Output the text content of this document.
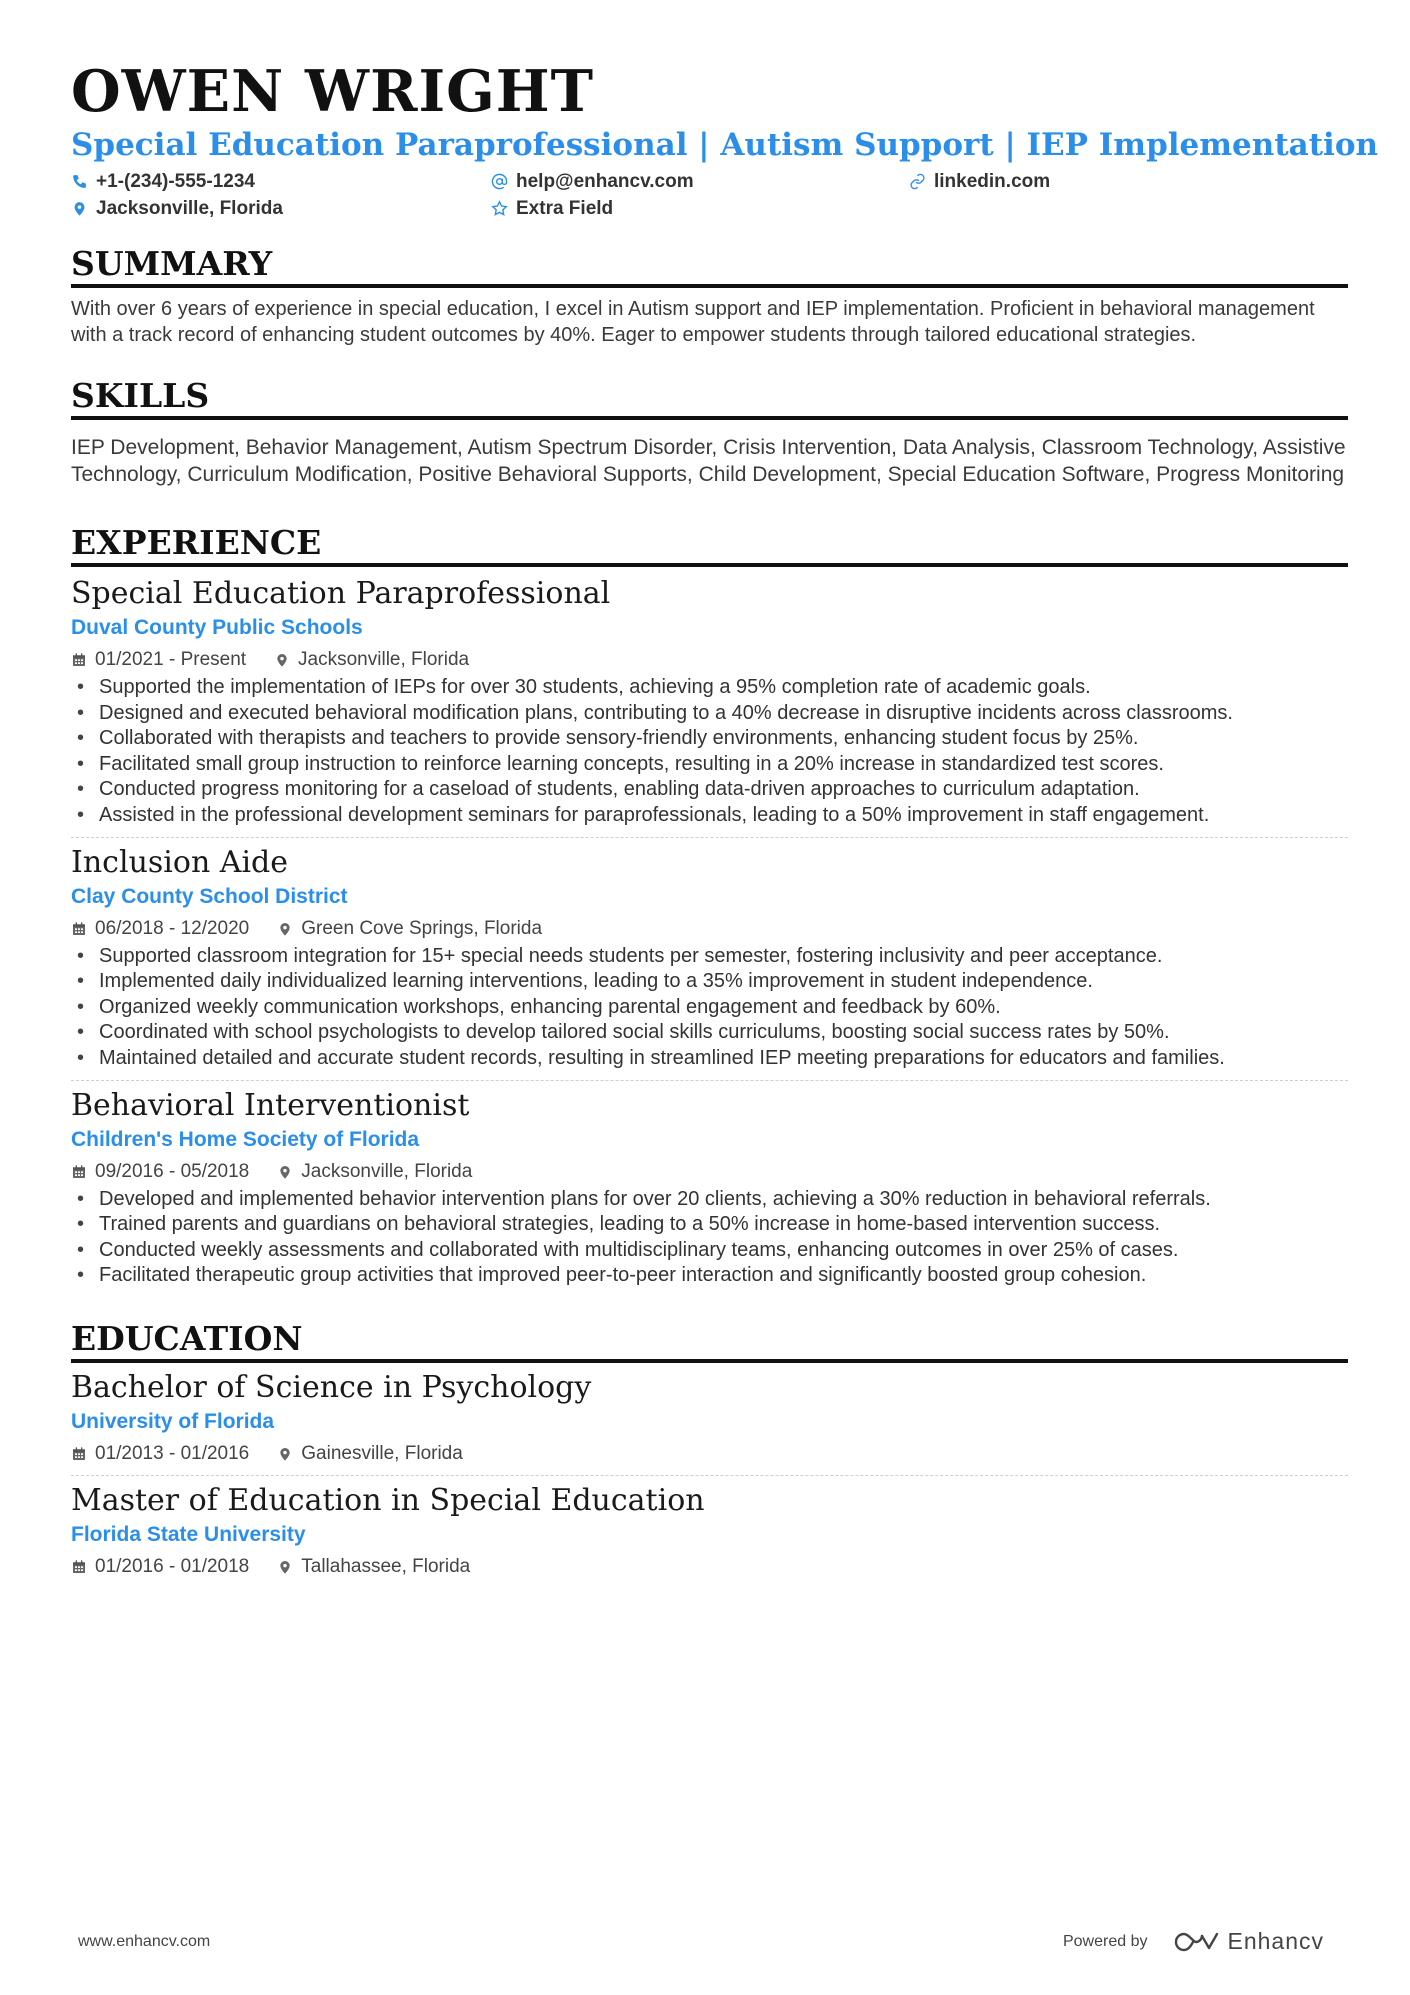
OWEN WRIGHT
Special Education Paraprofessional | Autism Support | IEP Implementation
+1-(234)-555-1234	help@enhancv.com	linkedin.com
Jacksonville, Florida	Extra Field
SUMMARY

With over 6 years of experience in special education, I excel in Autism support and IEP implementation. Proficient in behavioral management with a track record of enhancing student outcomes by 40%. Eager to empower students through tailored educational strategies.

SKILLS

IEP Development, Behavior Management, Autism Spectrum Disorder, Crisis Intervention, Data Analysis, Classroom Technology, Assistive Technology, Curriculum Modification, Positive Behavioral Supports, Child Development, Special Education Software, Progress Monitoring

EXPERIENCE
Special Education Paraprofessional
Duval County Public Schools
01/2021 - Present	Jacksonville, Florida
• Supported the implementation of IEPs for over 30 students, achieving a 95% completion rate of academic goals.
• Designed and executed behavioral modification plans, contributing to a 40% decrease in disruptive incidents across classrooms.
• Collaborated with therapists and teachers to provide sensory-friendly environments, enhancing student focus by 25%.
• Facilitated small group instruction to reinforce learning concepts, resulting in a 20% increase in standardized test scores.
• Conducted progress monitoring for a caseload of students, enabling data-driven approaches to curriculum adaptation.
• Assisted in the professional development seminars for paraprofessionals, leading to a 50% improvement in staff engagement.
Inclusion Aide
Clay County School District
06/2018 - 12/2020	Green Cove Springs, Florida
• Supported classroom integration for 15+ special needs students per semester, fostering inclusivity and peer acceptance.
• Implemented daily individualized learning interventions, leading to a 35% improvement in student independence.
• Organized weekly communication workshops, enhancing parental engagement and feedback by 60%.
• Coordinated with school psychologists to develop tailored social skills curriculums, boosting social success rates by 50%.
• Maintained detailed and accurate student records, resulting in streamlined IEP meeting preparations for educators and families.
Behavioral Interventionist
Children's Home Society of Florida
09/2016 - 05/2018	Jacksonville, Florida
• Developed and implemented behavior intervention plans for over 20 clients, achieving a 30% reduction in behavioral referrals.
• Trained parents and guardians on behavioral strategies, leading to a 50% increase in home-based intervention success.
• Conducted weekly assessments and collaborated with multidisciplinary teams, enhancing outcomes in over 25% of cases.
• Facilitated therapeutic group activities that improved peer-to-peer interaction and significantly boosted group cohesion.
EDUCATION
Bachelor of Science in Psychology
University of Florida
01/2013 - 01/2016	Gainesville, Florida
Master of Education in Special Education
Florida State University
01/2016 - 01/2018	Tallahassee, Florida
www.enhancv.com	Powered by	Enhancv
